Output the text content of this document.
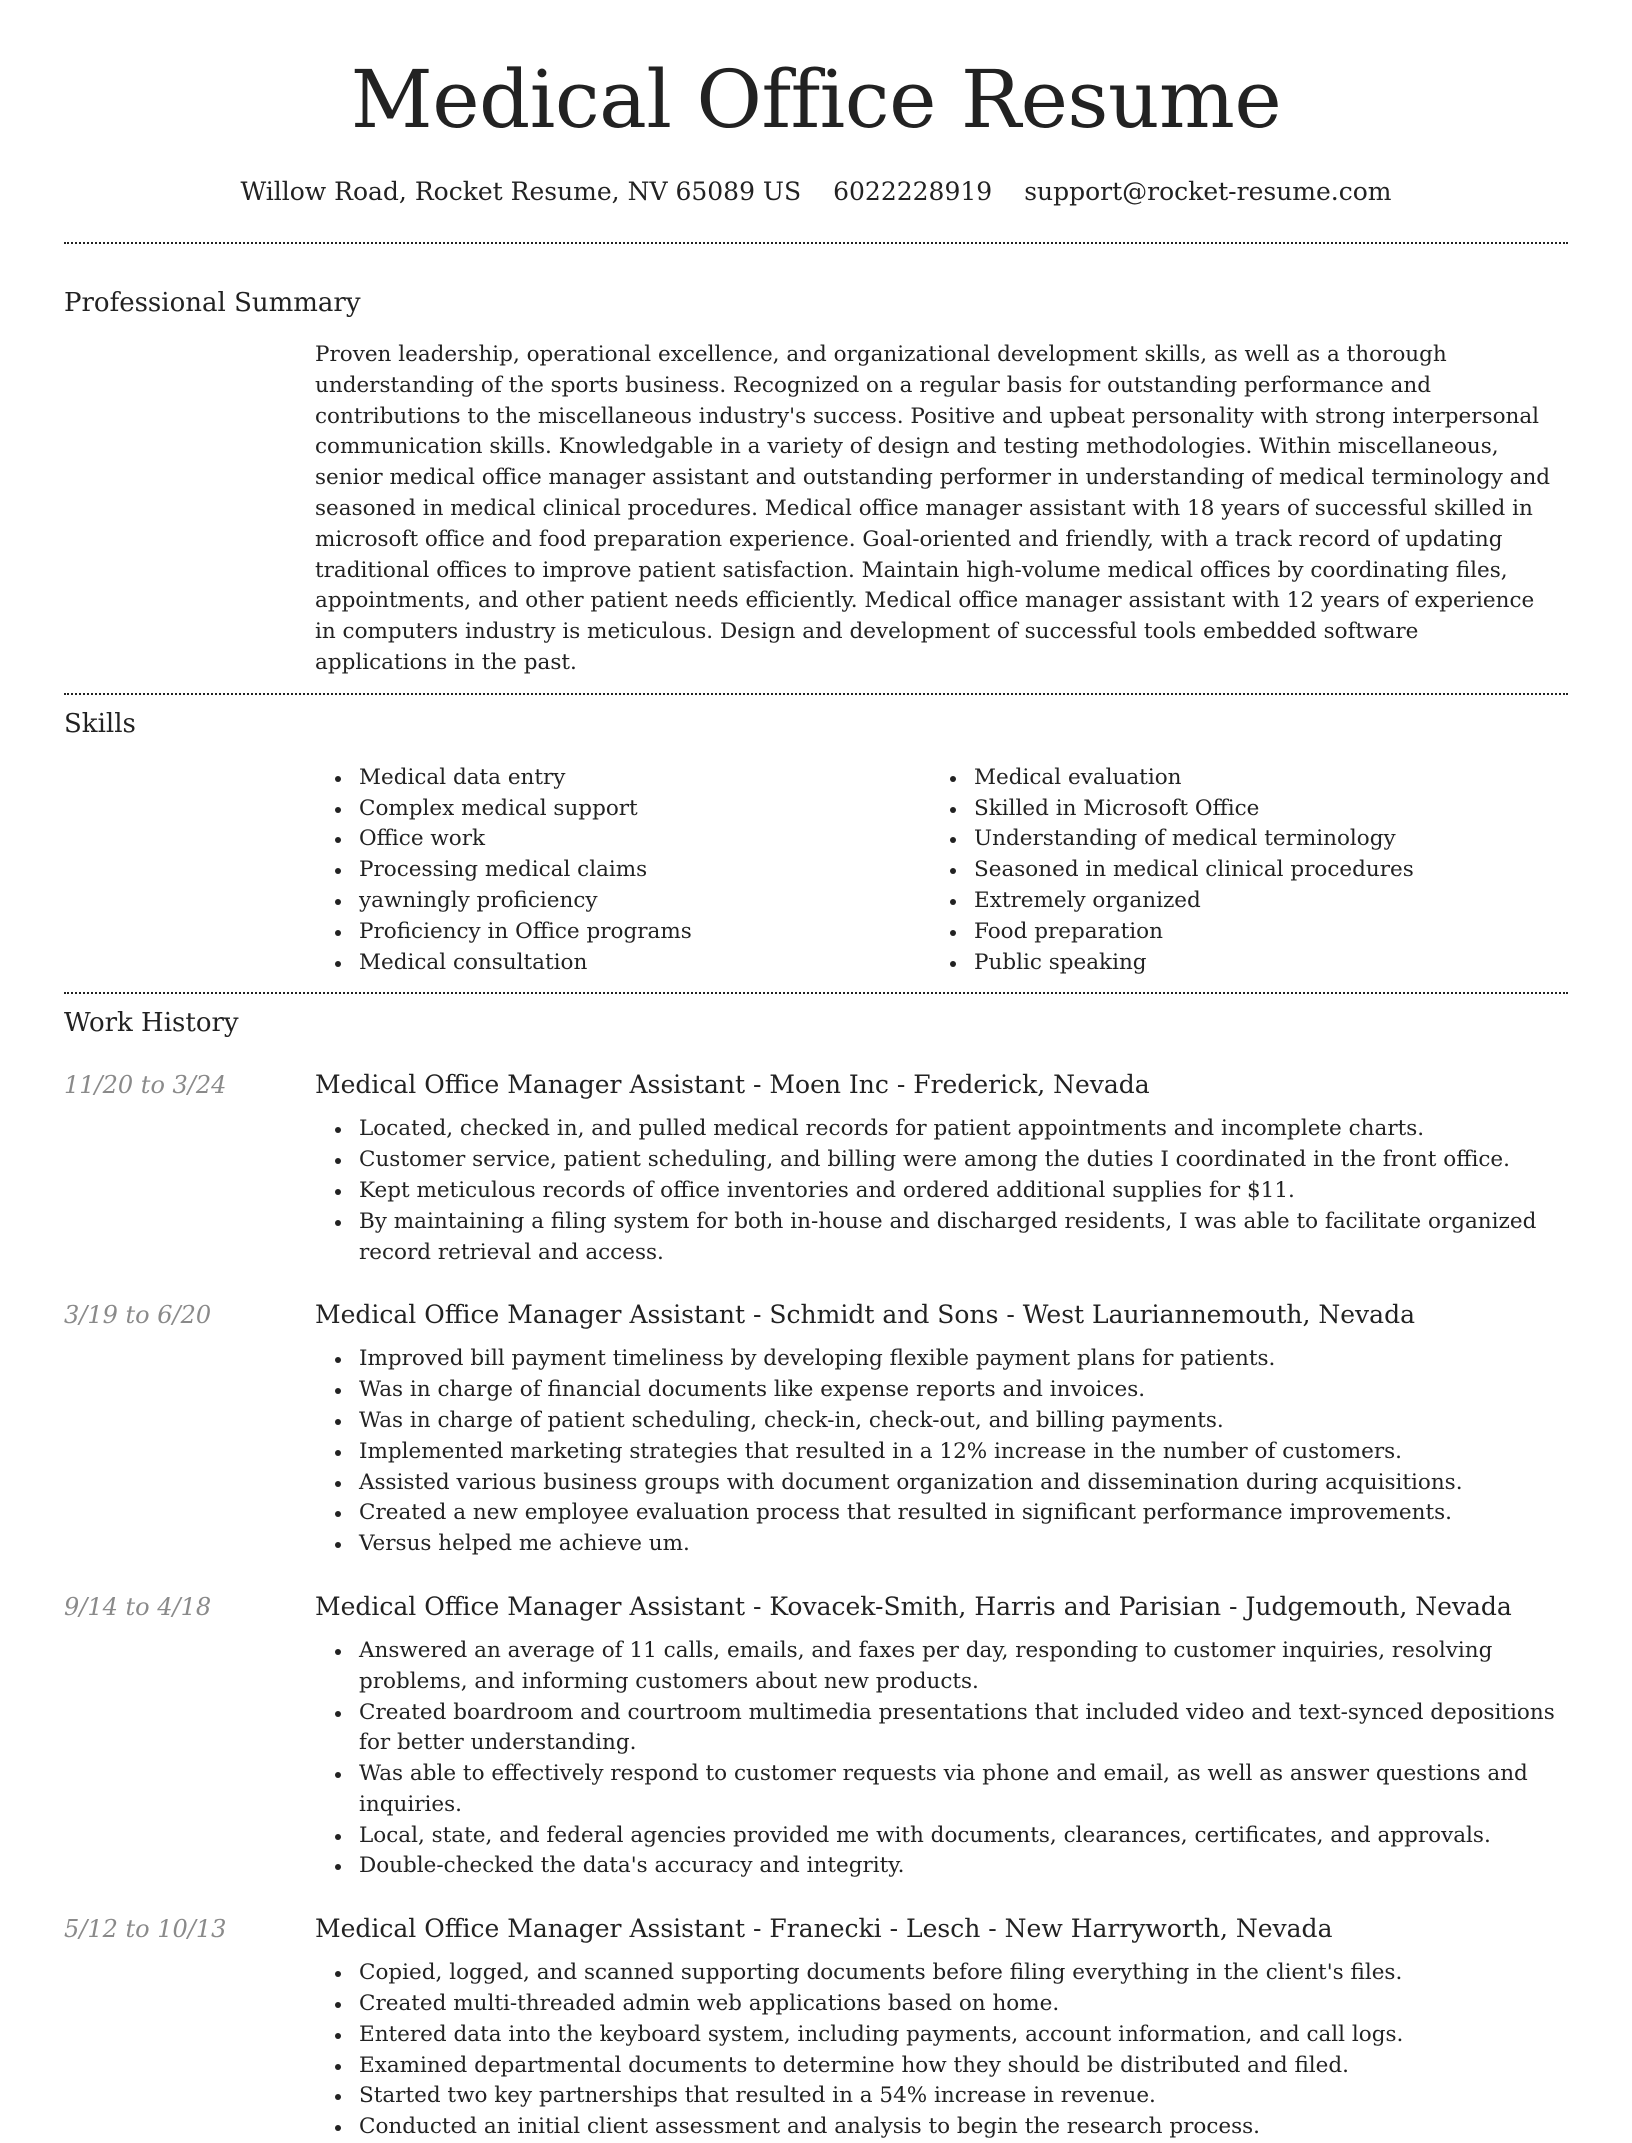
Medical Office Resume
Willow Road, Rocket Resume, NV 65089 US 6022228919 support@rocket-resume.com
Professional Summary

Proven leadership, operational excellence, and organizational development skills, as well as a thorough understanding of the sports business. Recognized on a regular basis for outstanding performance and contributions to the miscellaneous industry's success. Positive and upbeat personality with strong interpersonal communication skills. Knowledgable in a variety of design and testing methodologies. Within miscellaneous, senior medical office manager assistant and outstanding performer in understanding of medical terminology and seasoned in medical clinical procedures. Medical office manager assistant with 18 years of successful skilled in microsoft office and food preparation experience. Goal-oriented and friendly, with a track record of updating traditional offices to improve patient satisfaction. Maintain high-volume medical offices by coordinating files, appointments, and other patient needs efficiently. Medical office manager assistant with 12 years of experience in computers industry is meticulous. Design and development of successful tools embedded software applications in the past.

Skills
Medical data entry
Complex medical support
Office work
Processing medical claims
yawningly proficiency
Proficiency in Office programs
Medical consultation
Medical evaluation
Skilled in Microsoft Office
Understanding of medical terminology
Seasoned in medical clinical procedures
Extremely organized
Food preparation
Public speaking
Work History
11/20 to 3/24	Medical Office Manager Assistant - Moen Inc - Frederick, Nevada
Located, checked in, and pulled medical records for patient appointments and incomplete charts.
Customer service, patient scheduling, and billing were among the duties I coordinated in the front office.
Kept meticulous records of office inventories and ordered additional supplies for $11.
By maintaining a filing system for both in-house and discharged residents, I was able to facilitate organized record retrieval and access.
3/19 to 6/20	Medical Office Manager Assistant - Schmidt and Sons - West Lauriannemouth, Nevada
Improved bill payment timeliness by developing flexible payment plans for patients.
Was in charge of financial documents like expense reports and invoices.
Was in charge of patient scheduling, check-in, check-out, and billing payments.
Implemented marketing strategies that resulted in a 12% increase in the number of customers.
Assisted various business groups with document organization and dissemination during acquisitions.
Created a new employee evaluation process that resulted in significant performance improvements.
Versus helped me achieve um.
9/14 to 4/18	Medical Office Manager Assistant - Kovacek-Smith, Harris and Parisian - Judgemouth, Nevada
Answered an average of 11 calls, emails, and faxes per day, responding to customer inquiries, resolving problems, and informing customers about new products.
Created boardroom and courtroom multimedia presentations that included video and text-synced depositions for better understanding.
Was able to effectively respond to customer requests via phone and email, as well as answer questions and inquiries.
Local, state, and federal agencies provided me with documents, clearances, certificates, and approvals.
Double-checked the data's accuracy and integrity.
5/12 to 10/13	Medical Office Manager Assistant - Franecki - Lesch - New Harryworth, Nevada
Copied, logged, and scanned supporting documents before filing everything in the client's files.
Created multi-threaded admin web applications based on home.
Entered data into the keyboard system, including payments, account information, and call logs.
Examined departmental documents to determine how they should be distributed and filed.
Started two key partnerships that resulted in a 54% increase in revenue.
Conducted an initial client assessment and analysis to begin the research process.
